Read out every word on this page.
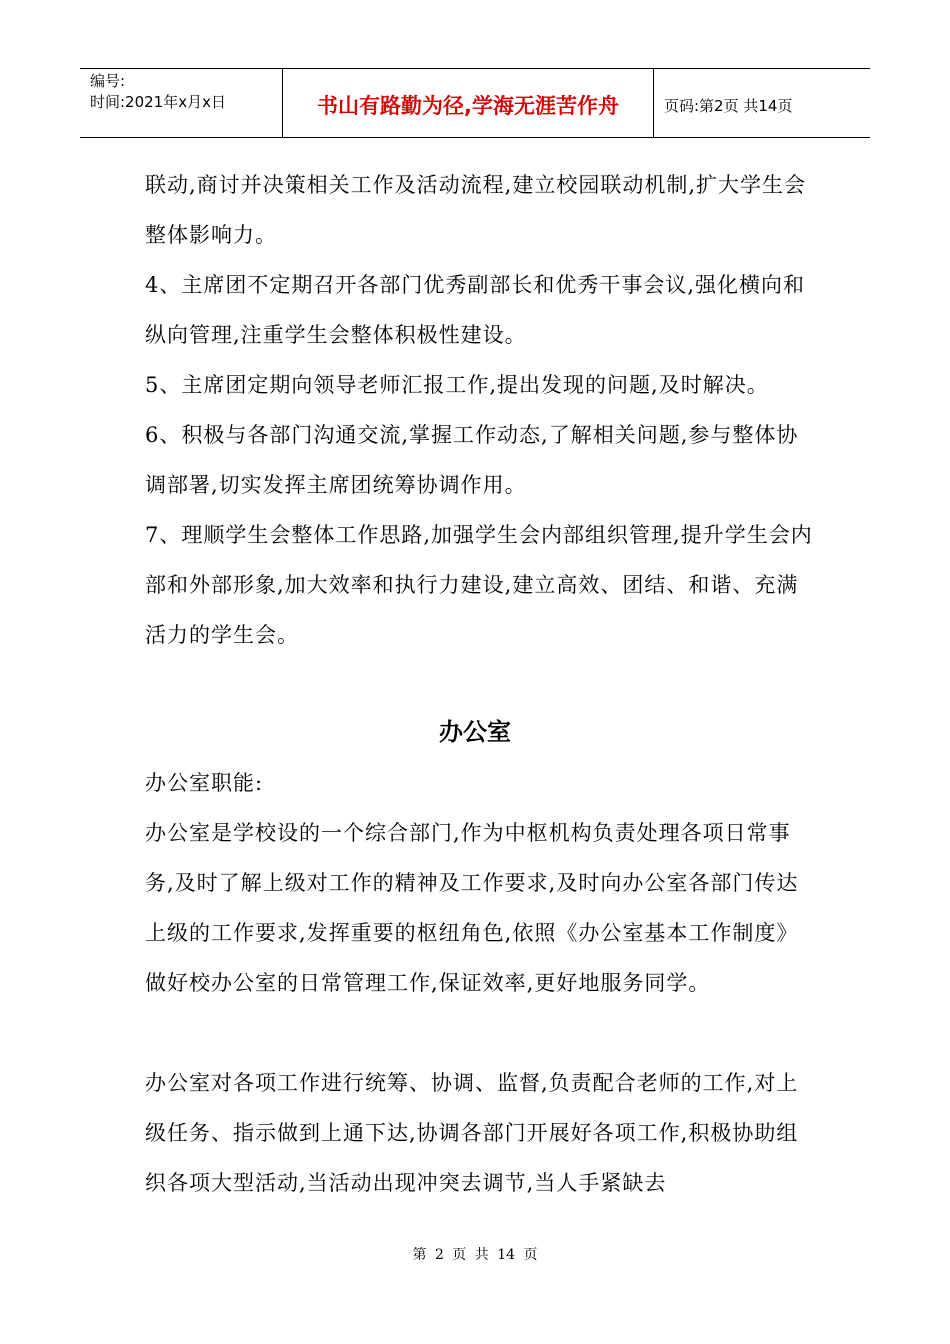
编号:
时间:2021年x月x日	书山有路勤为径,学海无涯苦作舟	页码:第2页 共14页

联动,商讨并决策相关工作及活动流程,建立校园联动机制,扩大学生会整体影响力。

4、主席团不定期召开各部门优秀副部长和优秀干事会议,强化横向和纵向管理,注重学生会整体积极性建设。

5、主席团定期向领导老师汇报工作,提出发现的问题,及时解决。

6、积极与各部门沟通交流,掌握工作动态,了解相关问题,参与整体协调部署,切实发挥主席团统筹协调作用。

7、理顺学生会整体工作思路,加强学生会内部组织管理,提升学生会内部和外部形象,加大效率和执行力建设,建立高效、团结、和谐、充满活力的学生会。

办公室

办公室职能:

办公室是学校设的一个综合部门,作为中枢机构负责处理各项日常事务,及时了解上级对工作的精神及工作要求,及时向办公室各部门传达上级的工作要求,发挥重要的枢纽角色,依照《办公室基本工作制度》做好校办公室的日常管理工作,保证效率,更好地服务同学。

办公室对各项工作进行统筹、协调、监督,负责配合老师的工作,对上级任务、指示做到上通下达,协调各部门开展好各项工作,积极协助组织各项大型活动,当活动出现冲突去调节,当人手紧缺去

第 2 页 共 14 页
